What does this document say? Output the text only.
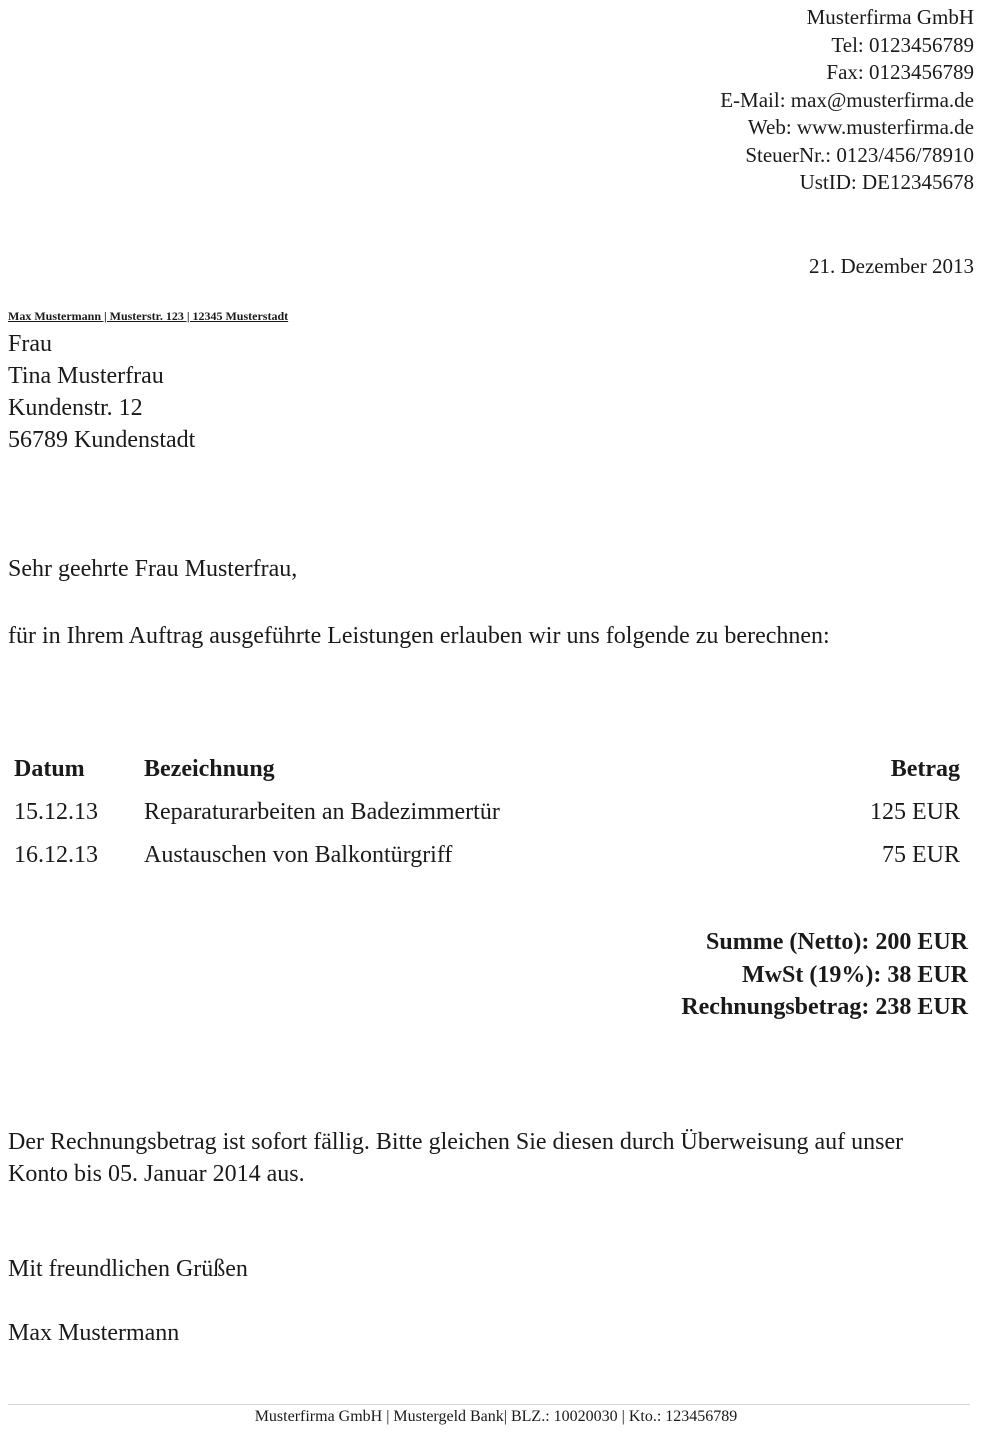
Musterfirma GmbH
Tel: 0123456789
Fax: 0123456789
E-Mail: max@musterfirma.de
Web: www.musterfirma.de
SteuerNr.: 0123/456/78910
UstID: DE12345678
21. Dezember 2013
Max Mustermann | Musterstr. 123 | 12345 Musterstadt
Frau
Tina Musterfrau
Kundenstr. 12
56789 Kundenstadt
Sehr geehrte Frau Musterfrau,
für in Ihrem Auftrag ausgeführte Leistungen erlauben wir uns folgende zu berechnen:
Datum	Bezeichnung	Betrag
15.12.13	Reparaturarbeiten an Badezimmertür	125 EUR
16.12.13	Austauschen von Balkontürgriff	75 EUR
Summe (Netto): 200 EUR
MwSt (19%): 38 EUR
Rechnungsbetrag: 238 EUR
Der Rechnungsbetrag ist sofort fällig. Bitte gleichen Sie diesen durch Überweisung auf unser Konto bis 05. Januar 2014 aus.
Mit freundlichen Grüßen
Max Mustermann
Musterfirma GmbH | Mustergeld Bank| BLZ.: 10020030 | Kto.: 123456789
